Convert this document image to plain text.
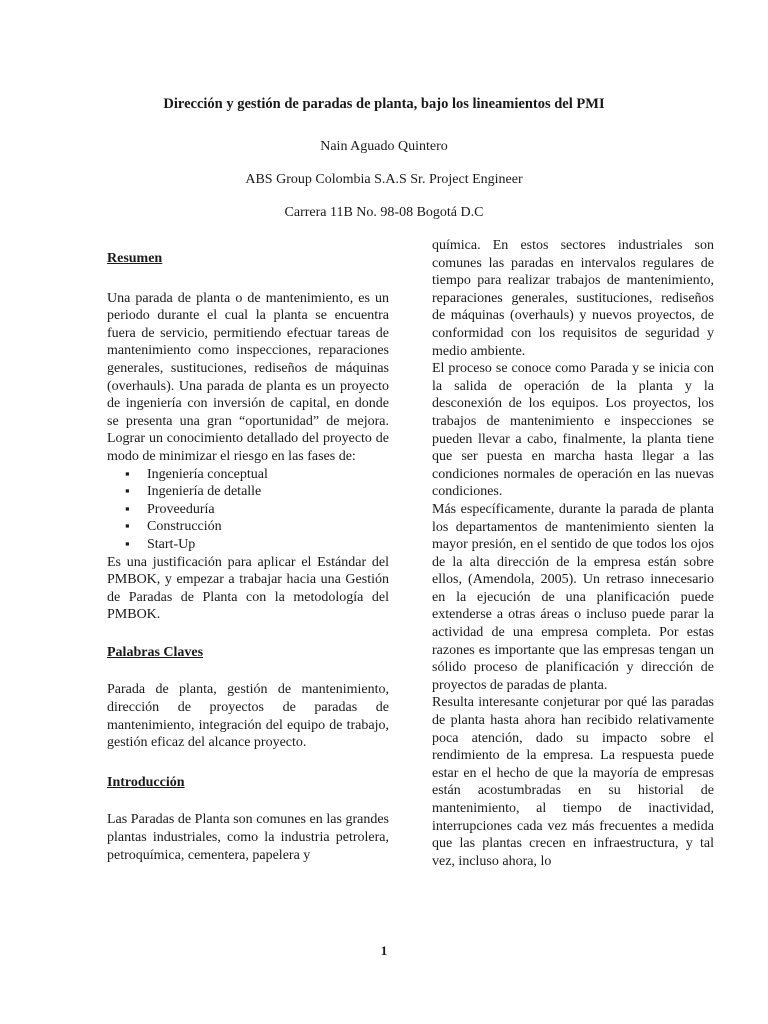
Dirección y gestión de paradas de planta, bajo los lineamientos del PMI
Nain Aguado Quintero
ABS Group Colombia S.A.S Sr. Project Engineer
Carrera 11B No. 98-08 Bogotá D.C

Resumen

Una parada de planta o de mantenimiento, es un periodo durante el cual la planta se encuentra fuera de servicio, permitiendo efectuar tareas de mantenimiento como inspecciones, reparaciones generales, sustituciones, rediseños de máquinas (overhauls). Una parada de planta es un proyecto de ingeniería con inversión de capital, en donde se presenta una gran “oportunidad” de mejora. Lograr un conocimiento detallado del proyecto de modo de minimizar el riesgo en las fases de:

▪ Ingeniería conceptual
▪ Ingeniería de detalle
▪ Proveeduría
▪ Construcción
▪ Start-Up

Es una justificación para aplicar el Estándar del PMBOK, y empezar a trabajar hacia una Gestión de Paradas de Planta con la metodología del PMBOK.

Palabras Claves

Parada de planta, gestión de mantenimiento, dirección de proyectos de paradas de mantenimiento, integración del equipo de trabajo, gestión eficaz del alcance proyecto.

Introducción

Las Paradas de Planta son comunes en las grandes plantas industriales, como la industria petrolera, petroquímica, cementera, papelera y

química. En estos sectores industriales son comunes las paradas en intervalos regulares de tiempo para realizar trabajos de mantenimiento, reparaciones generales, sustituciones, rediseños de máquinas (overhauls) y nuevos proyectos, de conformidad con los requisitos de seguridad y medio ambiente.

El proceso se conoce como Parada y se inicia con la salida de operación de la planta y la desconexión de los equipos. Los proyectos, los trabajos de mantenimiento e inspecciones se pueden llevar a cabo, finalmente, la planta tiene que ser puesta en marcha hasta llegar a las condiciones normales de operación en las nuevas condiciones.

Más específicamente, durante la parada de planta los departamentos de mantenimiento sienten la mayor presión, en el sentido de que todos los ojos de la alta dirección de la empresa están sobre ellos, (Amendola, 2005). Un retraso innecesario en la ejecución de una planificación puede extenderse a otras áreas o incluso puede parar la actividad de una empresa completa. Por estas razones es importante que las empresas tengan un sólido proceso de planificación y dirección de proyectos de paradas de planta.

Resulta interesante conjeturar por qué las paradas de planta hasta ahora han recibido relativamente poca atención, dado su impacto sobre el rendimiento de la empresa. La respuesta puede estar en el hecho de que la mayoría de empresas están acostumbradas en su historial de mantenimiento, al tiempo de inactividad, interrupciones cada vez más frecuentes a medida que las plantas crecen en infraestructura, y tal vez, incluso ahora, lo

1
